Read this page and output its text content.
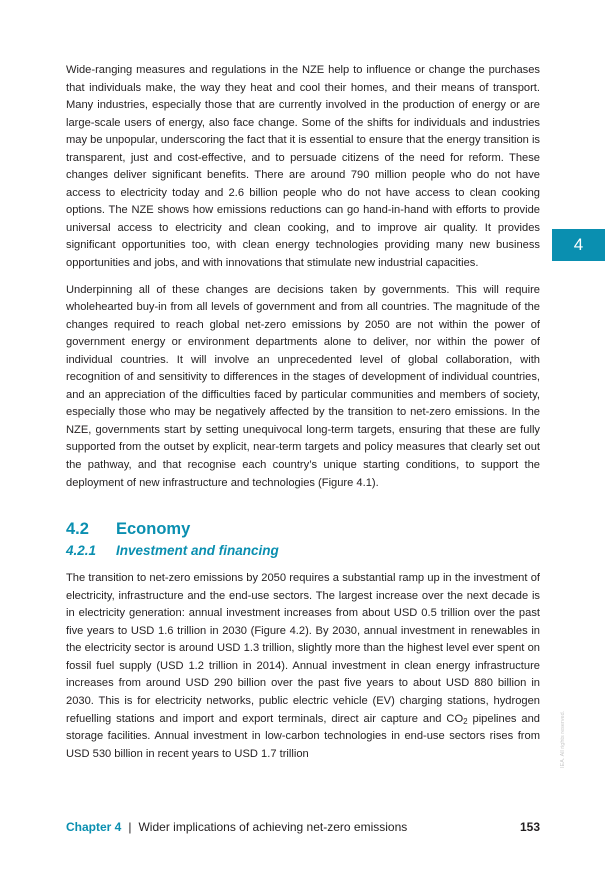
Wide-ranging measures and regulations in the NZE help to influence or change the purchases that individuals make, the way they heat and cool their homes, and their means of transport. Many industries, especially those that are currently involved in the production of energy or are large-scale users of energy, also face change. Some of the shifts for individuals and industries may be unpopular, underscoring the fact that it is essential to ensure that the energy transition is transparent, just and cost-effective, and to persuade citizens of the need for reform. These changes deliver significant benefits. There are around 790 million people who do not have access to electricity today and 2.6 billion people who do not have access to clean cooking options. The NZE shows how emissions reductions can go hand-in-hand with efforts to provide universal access to electricity and clean cooking, and to improve air quality. It provides significant opportunities too, with clean energy technologies providing many new business opportunities and jobs, and with innovations that stimulate new industrial capacities.

Underpinning all of these changes are decisions taken by governments. This will require wholehearted buy-in from all levels of government and from all countries. The magnitude of the changes required to reach global net-zero emissions by 2050 are not within the power of government energy or environment departments alone to deliver, nor within the power of individual countries. It will involve an unprecedented level of global collaboration, with recognition of and sensitivity to differences in the stages of development of individual countries, and an appreciation of the difficulties faced by particular communities and members of society, especially those who may be negatively affected by the transition to net-zero emissions. In the NZE, governments start by setting unequivocal long-term targets, ensuring that these are fully supported from the outset by explicit, near-term targets and policy measures that clearly set out the pathway, and that recognise each country’s unique starting conditions, to support the deployment of new infrastructure and technologies (Figure 4.1).

4.2	Economy
4.2.1	Investment and financing

The transition to net-zero emissions by 2050 requires a substantial ramp up in the investment of electricity, infrastructure and the end-use sectors. The largest increase over the next decade is in electricity generation: annual investment increases from about USD 0.5 trillion over the past five years to USD 1.6 trillion in 2030 (Figure 4.2). By 2030, annual investment in renewables in the electricity sector is around USD 1.3 trillion, slightly more than the highest level ever spent on fossil fuel supply (USD 1.2 trillion in 2014). Annual investment in clean energy infrastructure increases from around USD 290 billion over the past five years to about USD 880 billion in 2030. This is for electricity networks, public electric vehicle (EV) charging stations, hydrogen refuelling stations and import and export terminals, direct air capture and $CO_2$ pipelines and storage facilities. Annual investment in low-carbon technologies in end-use sectors rises from USD 530 billion in recent years to USD 1.7 trillion

4
Chapter 4 | Wider implications of achieving net-zero emissions	153
IEA. All rights reserved.
